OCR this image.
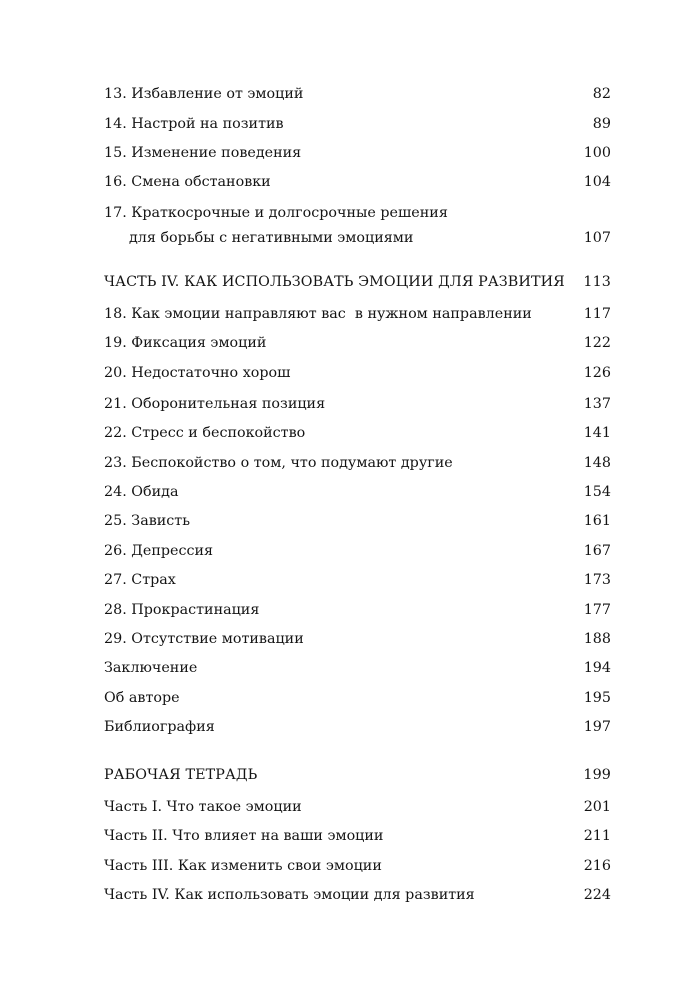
13. Избавление от эмоций	82
14. Настрой на позитив	89
15. Изменение поведения	100
16. Смена обстановки	104
17. Краткосрочные и долгосрочные решения
для борьбы с негативными эмоциями	107
ЧАСТЬ IV. КАК ИСПОЛЬЗОВАТЬ ЭМОЦИИ ДЛЯ РАЗВИТИЯ 113
18. Как эмоции направляют вас  в нужном направлении	117
19. Фиксация эмоций	122
20. Недостаточно хорош	126
21. Оборонительная позиция	137
22. Стресс и беспокойство	141
23. Беспокойство о том, что подумают другие	148
24. Обида	154
25. Зависть	161
26. Депрессия	167
27. Страх	173
28. Прокрастинация	177
29. Отсутствие мотивации	188
Заключение	194
Об авторе	195
Библиография	197
РАБОЧАЯ ТЕТРАДЬ	199
Часть I. Что такое эмоции	201
Часть II. Что влияет на ваши эмоции	211
Часть III. Как изменить свои эмоции	216
Часть IV. Как использовать эмоции для развития	224
